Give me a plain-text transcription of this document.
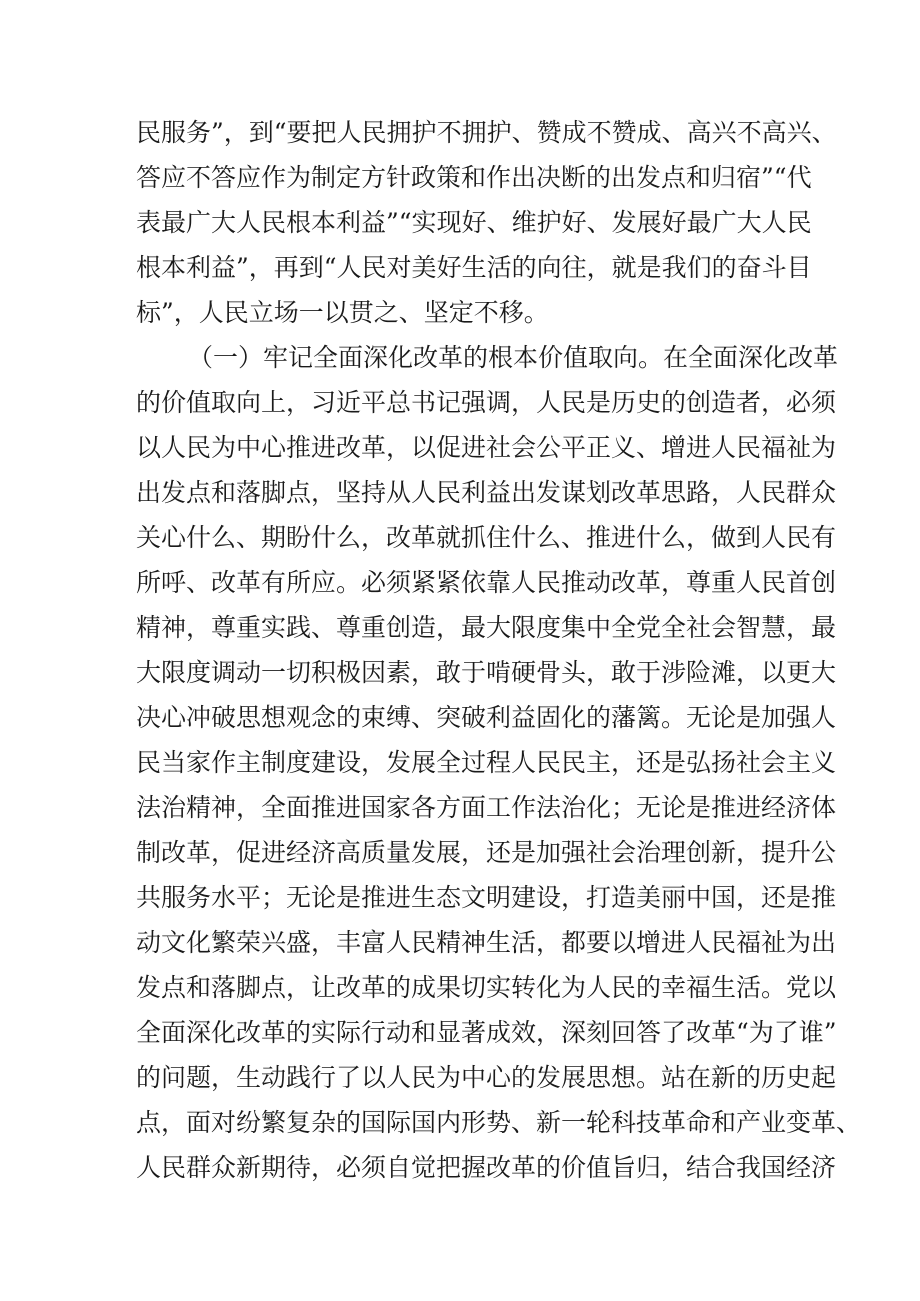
民服务”，到“要把人民拥护不拥护、赞成不赞成、高兴不高兴、
答应不答应作为制定方针政策和作出决断的出发点和归宿”“代
表最广大人民根本利益”“实现好、维护好、发展好最广大人民
根本利益”，再到“人民对美好生活的向往，就是我们的奋斗目
标”，人民立场一以贯之、坚定不移。
（一）牢记全面深化改革的根本价值取向。在全面深化改革
的价值取向上，习近平总书记强调，人民是历史的创造者，必须
以人民为中心推进改革，以促进社会公平正义、增进人民福祉为
出发点和落脚点，坚持从人民利益出发谋划改革思路，人民群众
关心什么、期盼什么，改革就抓住什么、推进什么，做到人民有
所呼、改革有所应。必须紧紧依靠人民推动改革，尊重人民首创
精神，尊重实践、尊重创造，最大限度集中全党全社会智慧，最
大限度调动一切积极因素，敢于啃硬骨头，敢于涉险滩，以更大
决心冲破思想观念的束缚、突破利益固化的藩篱。无论是加强人
民当家作主制度建设，发展全过程人民民主，还是弘扬社会主义
法治精神，全面推进国家各方面工作法治化；无论是推进经济体
制改革，促进经济高质量发展，还是加强社会治理创新，提升公
共服务水平；无论是推进生态文明建设，打造美丽中国，还是推
动文化繁荣兴盛，丰富人民精神生活，都要以增进人民福祉为出
发点和落脚点，让改革的成果切实转化为人民的幸福生活。党以
全面深化改革的实际行动和显著成效，深刻回答了改革“为了谁”
的问题，生动践行了以人民为中心的发展思想。站在新的历史起
点，面对纷繁复杂的国际国内形势、新一轮科技革命和产业变革、
人民群众新期待，必须自觉把握改革的价值旨归，结合我国经济
